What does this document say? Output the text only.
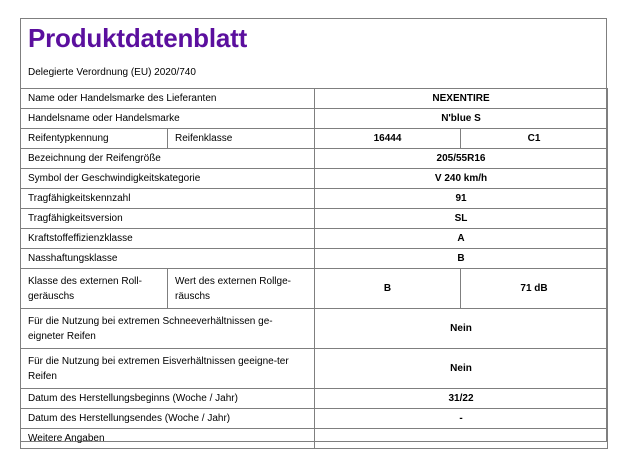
Produktdatenblatt
Delegierte Verordnung (EU) 2020/740
Name oder Handelsmarke des Lieferanten		NEXENTIRE	
Handelsname oder Handelsmarke		N'blue S	
Reifentypkennung	Reifenklasse	16444	C1
Bezeichnung der Reifengröße		205/55R16	
Symbol der Geschwindigkeitskategorie		V 240 km/h	
Tragfähigkeitskennzahl		91	
Tragfähigkeitsversion		SL	
Kraftstoffeffizienzklasse		A	
Nasshaftungsklasse		B	
Klasse des externen Roll-geräuschs	Wert des externen Rollge-räuschs	B	71 dB
Für die Nutzung bei extremen Schneeverhältnissen ge-eigneter Reifen		Nein	
Für die Nutzung bei extremen Eisverhältnissen geeigne-ter Reifen		Nein	
Datum des Herstellungsbeginns (Woche / Jahr)		31/22	
Datum des Herstellungsendes (Woche / Jahr)		-	
Weitere Angaben			
